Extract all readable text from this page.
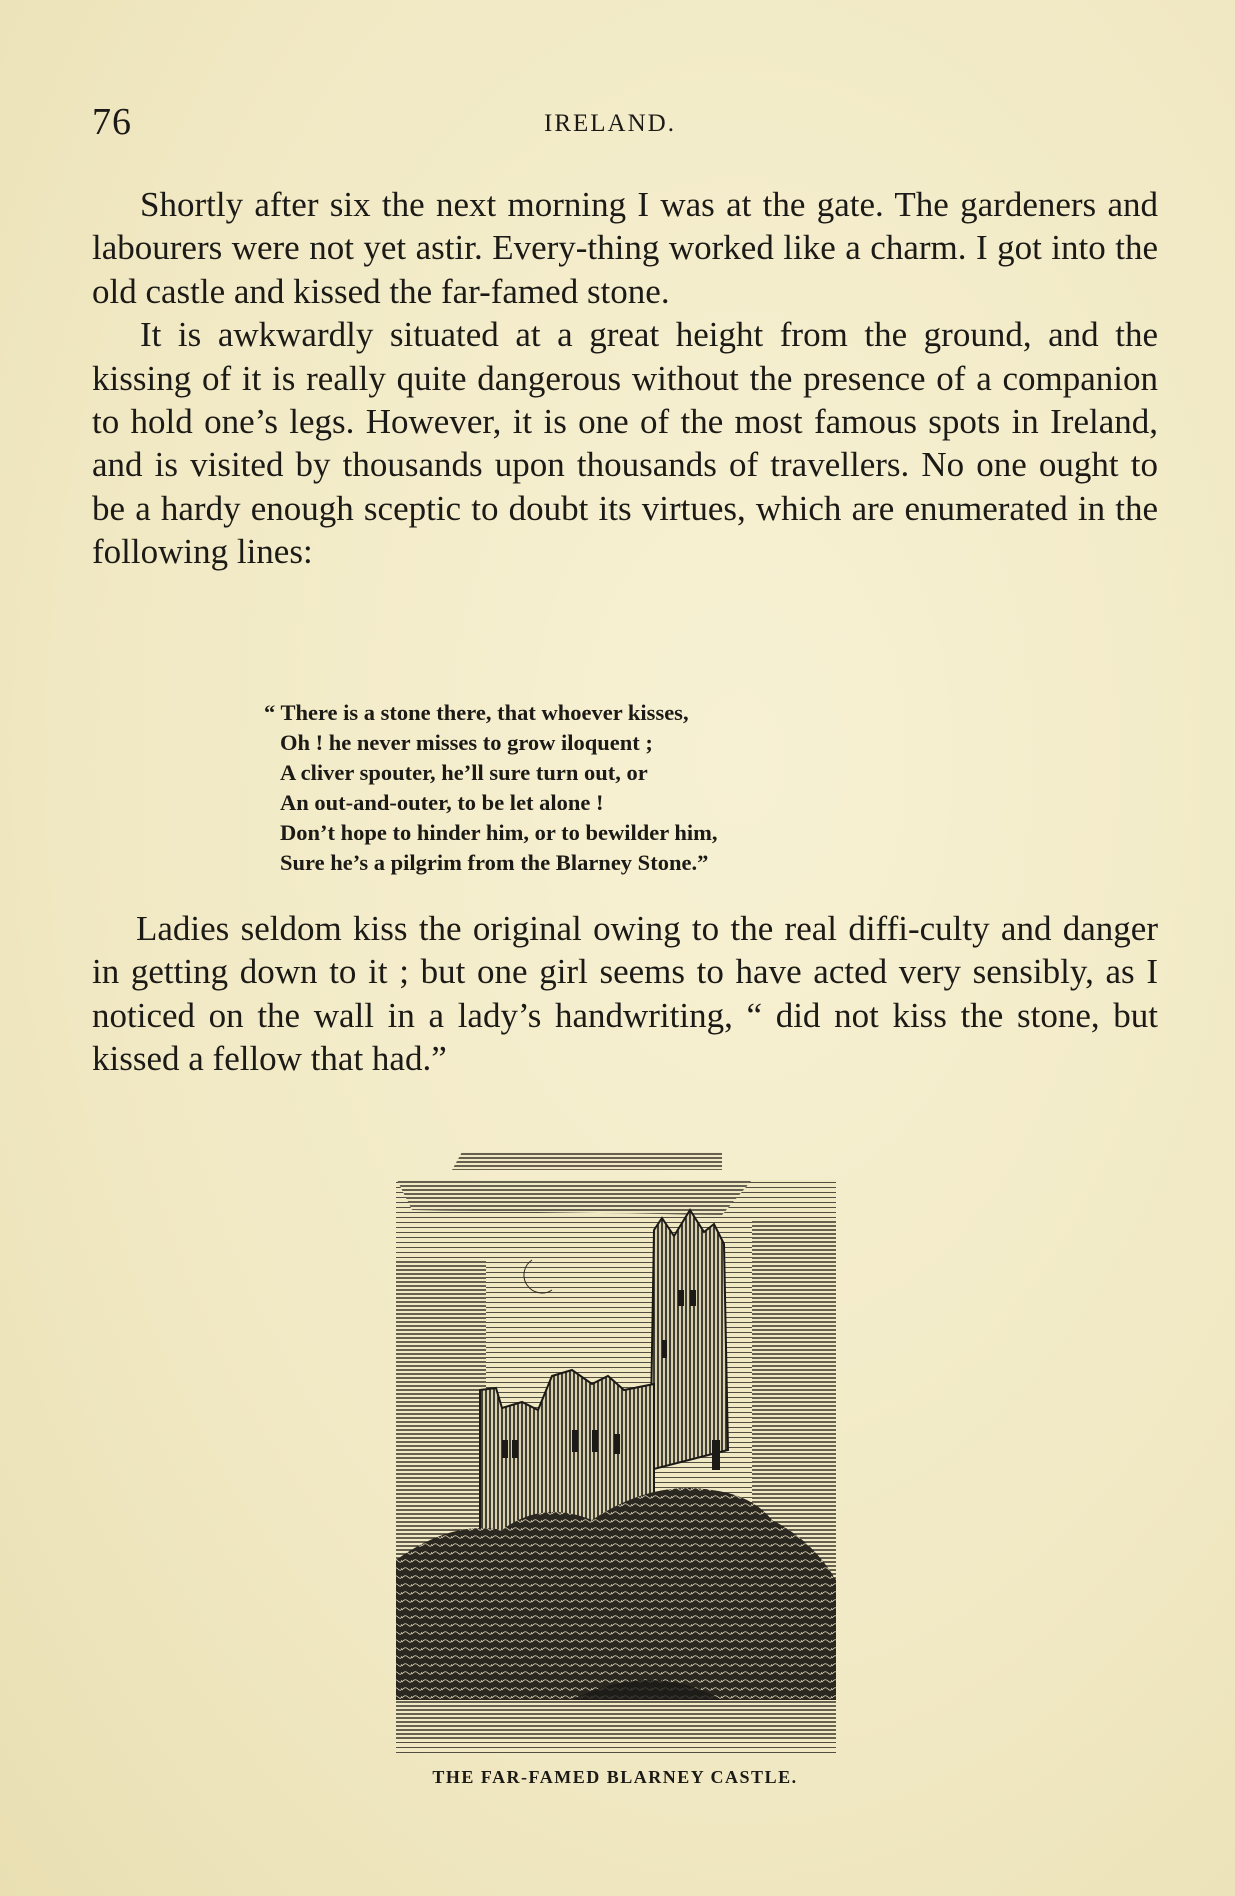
76	IRELAND.

Shortly after six the next morning I was at the gate. The gardeners and labourers were not yet astir. Every-thing worked like a charm. I got into the old castle and kissed the far-famed stone.

It is awkwardly situated at a great height from the ground, and the kissing of it is really quite dangerous without the presence of a companion to hold one’s legs. However, it is one of the most famous spots in Ireland, and is visited by thousands upon thousands of travellers. No one ought to be a hardy enough sceptic to doubt its virtues, which are enumerated in the following lines:

“ There is a stone there, that whoever kisses,
Oh ! he never misses to grow iloquent ;
A cliver spouter, he’ll sure turn out, or
An out-and-outer, to be let alone !
Don’t hope to hinder him, or to bewilder him,
Sure he’s a pilgrim from the Blarney Stone.”

Ladies seldom kiss the original owing to the real diffi-culty and danger in getting down to it ; but one girl seems to have acted very sensibly, as I noticed on the wall in a lady’s handwriting, “ did not kiss the stone, but kissed a fellow that had.”

THE FAR-FAMED BLARNEY CASTLE.
